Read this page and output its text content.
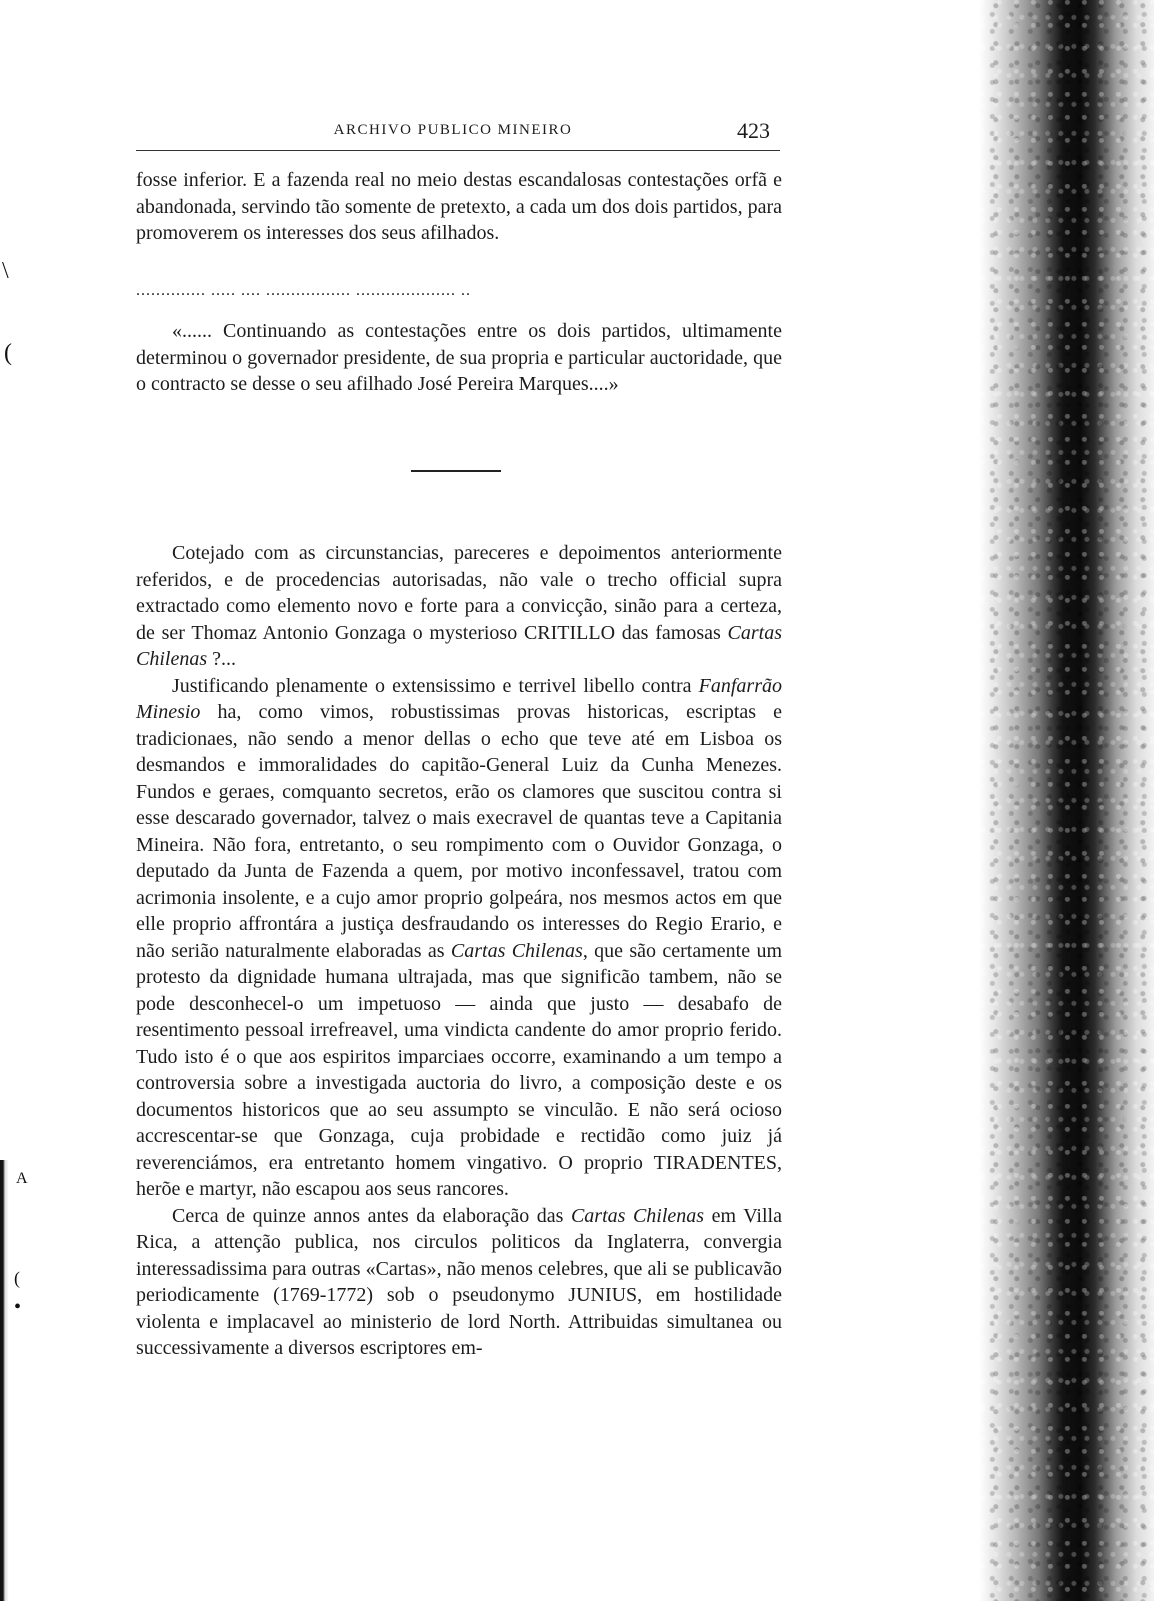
\
(
A
(
•
ARCHIVO PUBLICO MINEIRO	423

fosse inferior. E a fazenda real no meio destas escandalosas contestações orfã e abandonada, servindo tão somente de pretexto, a cada um dos dois partidos, para promoverem os interesses dos seus afilhados.

.............. ..... .... ................. .................... ..

«...... Continuando as contestações entre os dois partidos, ultimamente determinou o governador presidente, de sua propria e particular auctoridade, que o contracto se desse o seu afilhado José Pereira Marques....»

Cotejado com as circunstancias, pareceres e depoimentos anteriormente referidos, e de procedencias autorisadas, não vale o trecho official supra extractado como elemento novo e forte para a convicção, sinão para a certeza, de ser Thomaz Antonio Gonzaga o mysterioso CRITILLO das famosas Cartas Chilenas ?...

Justificando plenamente o extensissimo e terrivel libello contra Fanfarrão Minesio ha, como vimos, robustissimas provas historicas, escriptas e tradicionaes, não sendo a menor dellas o echo que teve até em Lisboa os desmandos e immoralidades do capitão-General Luiz da Cunha Menezes. Fundos e geraes, comquanto secretos, erão os clamores que suscitou contra si esse descarado governador, talvez o mais execravel de quantas teve a Capitania Mineira. Não fora, entretanto, o seu rompimento com o Ouvidor Gonzaga, o deputado da Junta de Fazenda a quem, por motivo inconfessavel, tratou com acrimonia insolente, e a cujo amor proprio golpeára, nos mesmos actos em que elle proprio affrontára a justiça desfraudando os interesses do Regio Erario, e não serião naturalmente elaboradas as Cartas Chilenas, que são certamente um protesto da dignidade humana ultrajada, mas que significão tambem, não se pode desconhecel-o um impetuoso — ainda que justo — desabafo de resentimento pessoal irrefreavel, uma vindicta candente do amor proprio ferido. Tudo isto é o que aos espiritos imparciaes occorre, examinando a um tempo a controversia sobre a investigada auctoria do livro, a composição deste e os documentos historicos que ao seu assumpto se vinculão. E não será ocioso accrescentar-se que Gonzaga, cuja probidade e rectidão como juiz já reverenciámos, era entretanto homem vingativo. O proprio TIRADENTES, herõe e martyr, não escapou aos seus rancores.

Cerca de quinze annos antes da elaboração das Cartas Chilenas em Villa Rica, a attenção publica, nos circulos politicos da Inglaterra, convergia interessadissima para outras «Cartas», não menos celebres, que ali se publicavão periodicamente (1769-1772) sob o pseudonymo JUNIUS, em hostilidade violenta e implacavel ao ministerio de lord North. Attribuidas simultanea ou successivamente a diversos escriptores em-
